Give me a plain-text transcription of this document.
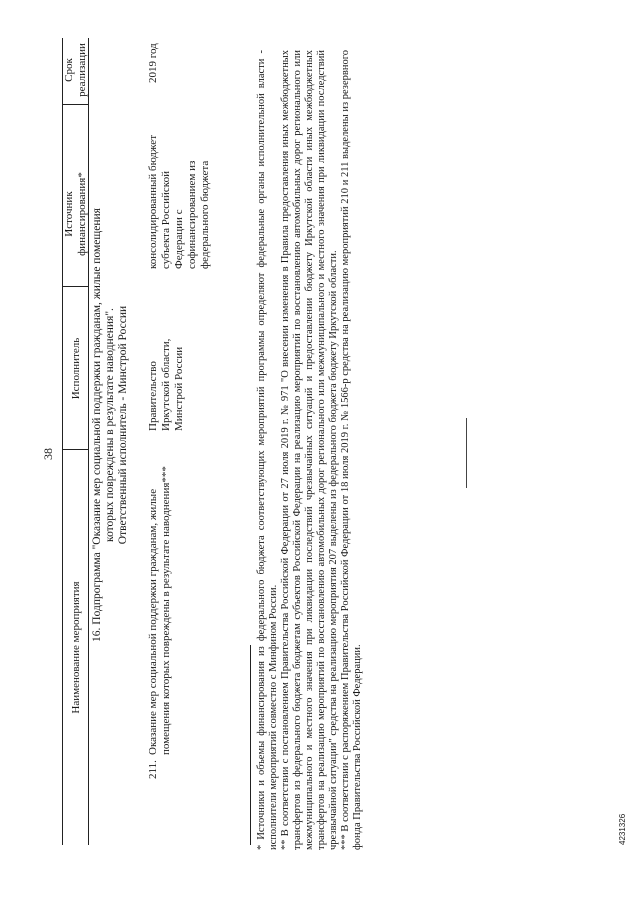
38
Наименование мероприятия
Исполнитель
Источник финансирования*
Срок реализации
16. Подпрограмма "Оказание мер социальной поддержки гражданам, жилые помещения которых повреждены в результате наводнения". Ответственный исполнитель - Минстрой России
211.
Оказание мер социальной поддержки гражданам, жилые помещения которых повреждены в результате наводнения***
Правительство Иркутской области, Минстрой России
консолидированный бюджет субъекта Российской Федерации с софинансированием из федерального бюджета
2019 год	* Источники и объемы финансирования из федерального бюджета соответствующих мероприятий программы определяют федеральные органы исполнительной власти - исполнители мероприятий совместно с Минфином России. ** В соответствии с постановлением Правительства Российской Федерации от 27 июля 2019 г. № 971 "О внесении изменения в Правила предоставления иных межбюджетных трансфертов из федерального бюджета бюджетам субъектов Российской Федерации на реализацию мероприятий по восстановлению автомобильных дорог регионального или межмуниципального и местного значения при ликвидации последствий чрезвычайных ситуаций и предоставлении бюджету Иркутской области иных межбюджетных трансфертов на реализацию мероприятий по восстановлению автомобильных дорог регионального или межмуниципального и местного значения при ликвидации последствий чрезвычайной ситуации" средства на реализацию мероприятия 207 выделены из федерального бюджета бюджету Иркутской области. *** В соответствии с распоряжением Правительства Российской Федерации от 18 июля 2019 г. № 1566-р средства на реализацию мероприятий 210 и 211 выделены из резервного фонда Правительства Российской Федерации.	4231326
